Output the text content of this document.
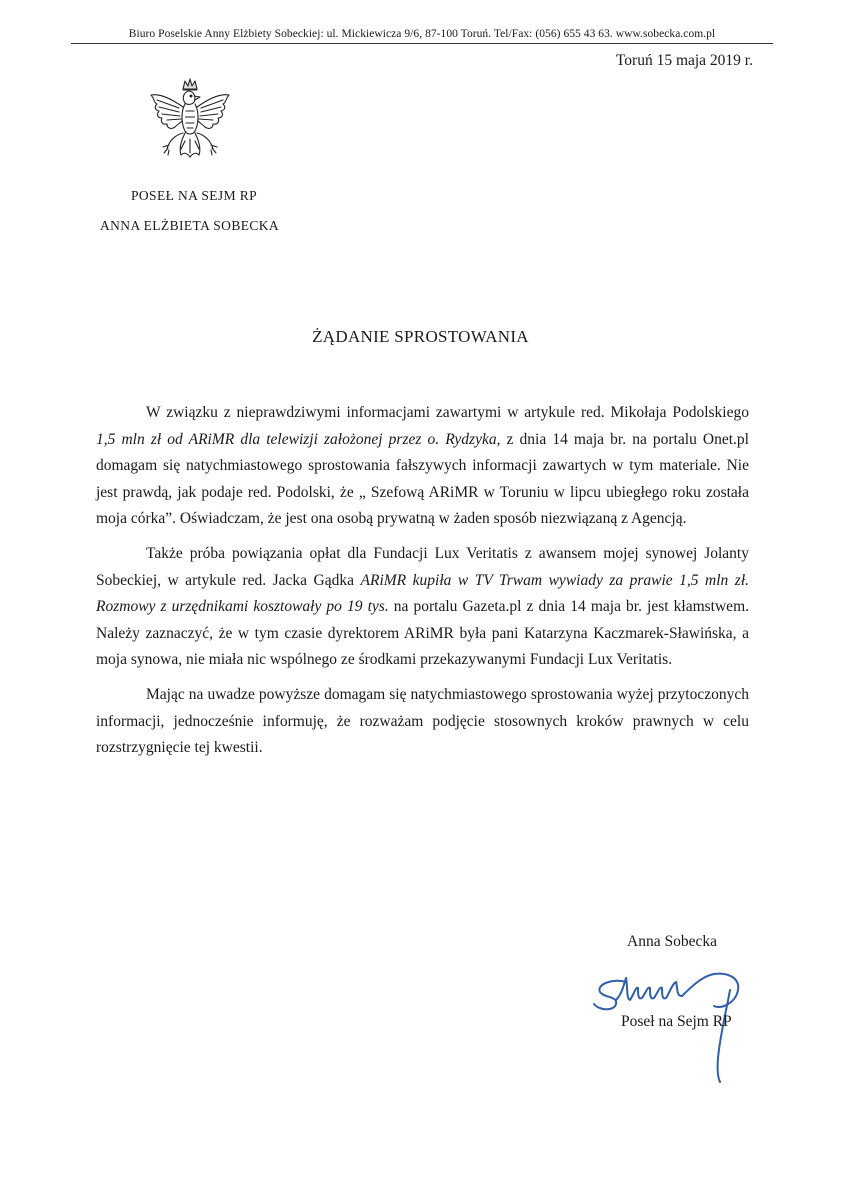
Biuro Poselskie Anny Elżbiety Sobeckiej: ul. Mickiewicza 9/6, 87-100 Toruń. Tel/Fax: (056) 655 43 63. www.sobecka.com.pl
Toruń 15 maja 2019 r.
POSEŁ NA SEJM RP
ANNA ELŻBIETA SOBECKA
ŻĄDANIE SPROSTOWANIA

W związku z nieprawdziwymi informacjami zawartymi w artykule red. Mikołaja Podolskiego 1,5 mln zł od ARiMR dla telewizji założonej przez o. Rydzyka, z dnia 14 maja br. na portalu Onet.pl domagam się natychmiastowego sprostowania fałszywych informacji zawartych w tym materiale. Nie jest prawdą, jak podaje red. Podolski, że „ Szefową ARiMR w Toruniu w lipcu ubiegłego roku została moja córka”. Oświadczam, że jest ona osobą prywatną w żaden sposób niezwiązaną z Agencją.

Także próba powiązania opłat dla Fundacji Lux Veritatis z awansem mojej synowej Jolanty Sobeckiej, w artykule red. Jacka Gądka ARiMR kupiła w TV Trwam wywiady za prawie 1,5 mln zł. Rozmowy z urzędnikami kosztowały po 19 tys. na portalu Gazeta.pl z dnia 14 maja br. jest kłamstwem. Należy zaznaczyć, że w tym czasie dyrektorem ARiMR była pani Katarzyna Kaczmarek-Sławińska, a moja synowa, nie miała nic wspólnego ze środkami przekazywanymi Fundacji Lux Veritatis.

Mając na uwadze powyższe domagam się natychmiastowego sprostowania wyżej przytoczonych informacji, jednocześnie informuję, że rozważam podjęcie stosownych kroków prawnych w celu rozstrzygnięcie tej kwestii.

Anna Sobecka
Poseł na Sejm RP
